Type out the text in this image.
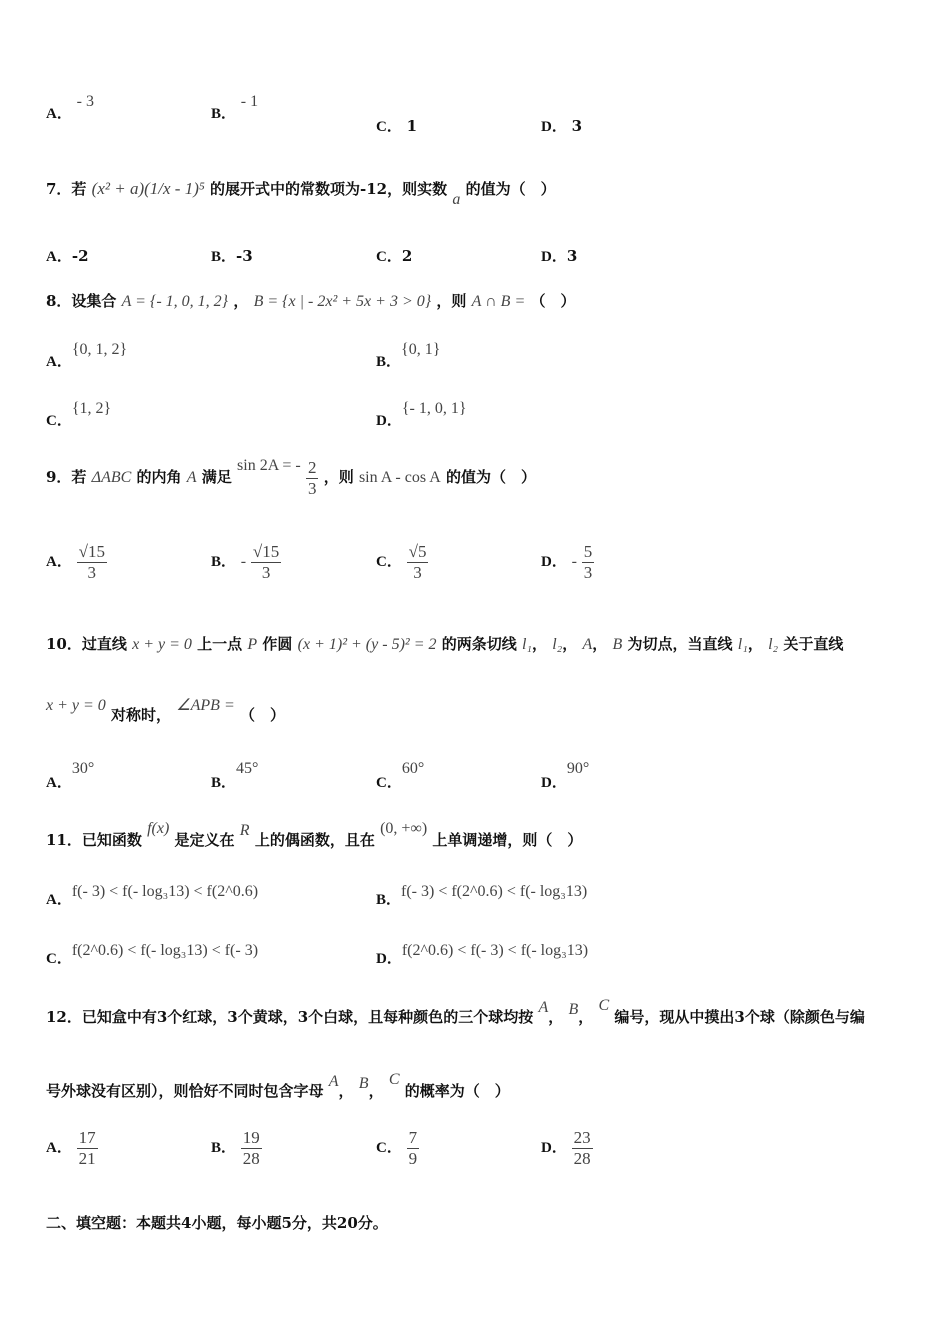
A． - 3
B． - 1
C． 1	D． 3
7．若 (x² + a)(1/x - 1)⁵ 的展开式中的常数项为-12，则实数 a 的值为（　）
A．-2	B．-3	C．2	D．3
8．设集合 A = {- 1, 0, 1, 2} ， B = {x | - 2x² + 5x + 3 > 0} ，则 A ∩ B = （　）
A．{0, 1, 2}
B．{0, 1}
C．{1, 2}
D．{- 1, 0, 1}
9．若 ΔABC 的内角 A 满足 sin 2A = - $\frac{2}{3}$ ，则 sin A - cos A 的值为（　）
A． $\frac{√15}{3}$	B． - $\frac{√15}{3}$	C． $\frac{√5}{3}$	D． - $\frac{5}{3}$
10．过直线 x + y = 0 上一点 P 作圆 (x + 1)² + (y - 5)² = 2 的两条切线 l₁， l₂， A， B 为切点，当直线 l₁， l₂ 关于直线
x + y = 0 对称时， ∠APB = （　）
A．30°
B．45°
C．60°
D．90°
11．已知函数 f(x) 是定义在 R 上的偶函数，且在 (0, +∞) 上单调递增，则（　）
A．f(- 3) < f(- log₃13) < f(2^0.6)	B．f(- 3) < f(2^0.6) < f(- log₃13)
C．f(2^0.6) < f(- log₃13) < f(- 3)	D．f(2^0.6) < f(- 3) < f(- log₃13)
12．已知盒中有3个红球，3个黄球，3个白球，且每种颜色的三个球均按 A， B， C 编号，现从中摸出3个球（除颜色与编
号外球没有区别），则恰好不同时包含字母 A， B， C 的概率为（　）
A． $\frac{17}{21}$	B． $\frac{19}{28}$	C． $\frac{7}{9}$	D． $\frac{23}{28}$
二、填空题：本题共4小题，每小题5分，共20分。
